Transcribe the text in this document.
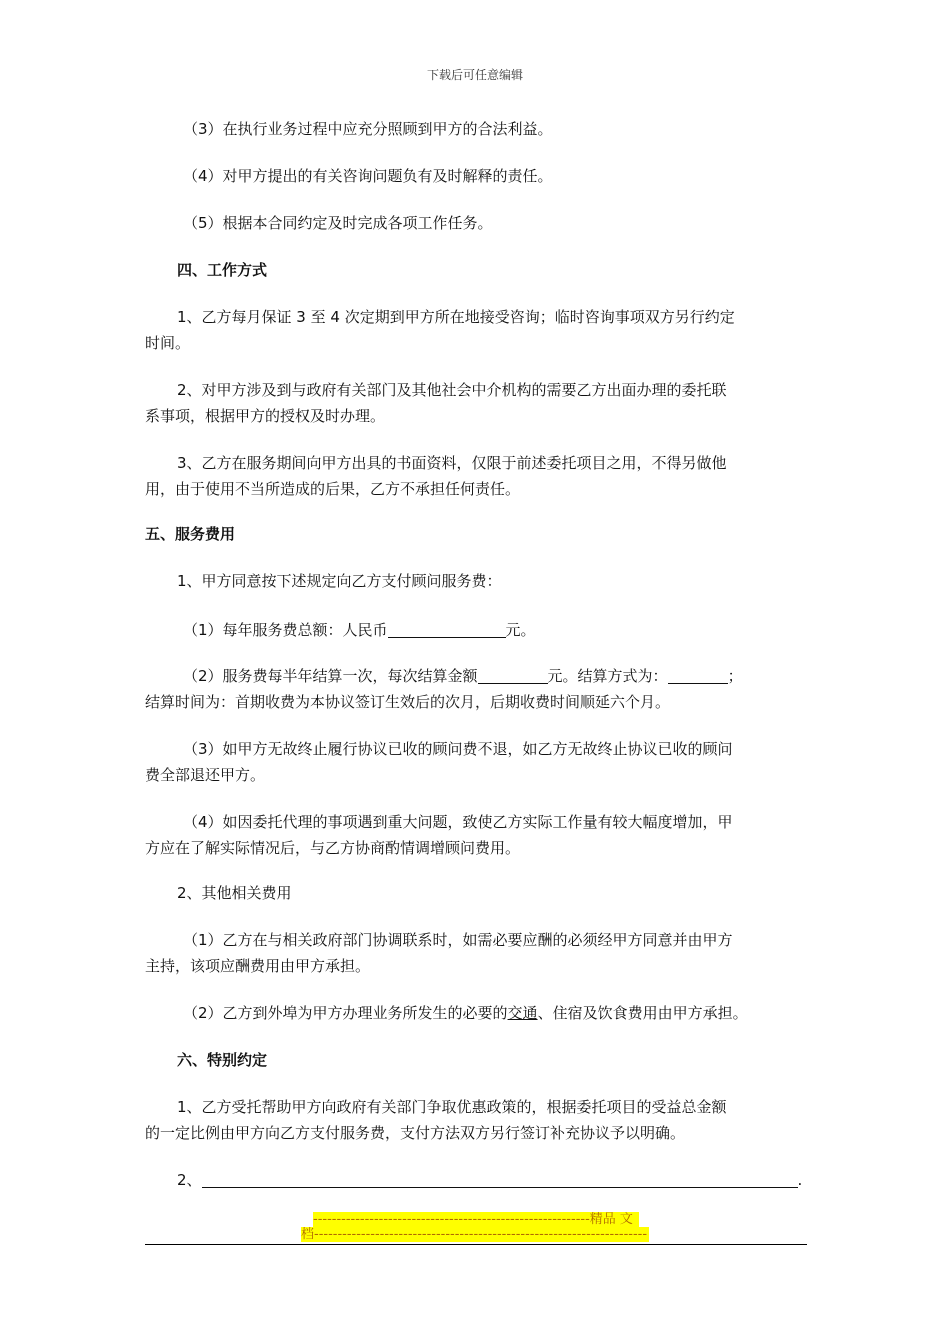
下载后可任意编辑
（3）在执行业务过程中应充分照顾到甲方的合法利益。
（4）对甲方提出的有关咨询问题负有及时解释的责任。
（5）根据本合同约定及时完成各项工作任务。
四、工作方式
1、乙方每月保证 3 至 4 次定期到甲方所在地接受咨询；临时咨询事项双方另行约定
时间。
2、对甲方涉及到与政府有关部门及其他社会中介机构的需要乙方出面办理的委托联
系事项，根据甲方的授权及时办理。
3、乙方在服务期间向甲方出具的书面资料，仅限于前述委托项目之用，不得另做他
用，由于使用不当所造成的后果，乙方不承担任何责任。
五、服务费用
1、甲方同意按下述规定向乙方支付顾问服务费：
（1）每年服务费总额：人民币	元。
（2）服务费每半年结算一次，每次结算金额	元。结算方式为：	；
结算时间为：首期收费为本协议签订生效后的次月，后期收费时间顺延六个月。
（3）如甲方无故终止履行协议已收的顾问费不退，如乙方无故终止协议已收的顾问
费全部退还甲方。
（4）如因委托代理的事项遇到重大问题，致使乙方实际工作量有较大幅度增加，甲
方应在了解实际情况后，与乙方协商酌情调增顾问费用。
2、其他相关费用
（1）乙方在与相关政府部门协调联系时，如需必要应酬的必须经甲方同意并由甲方
主持，该项应酬费用由甲方承担。
（2）乙方到外埠为甲方办理业务所发生的必要的交通、住宿及饮食费用由甲方承担。
六、特别约定
1、乙方受托帮助甲方向政府有关部门争取优惠政策的，根据委托项目的受益总金额
的一定比例由甲方向乙方支付服务费，支付方法双方另行签订补充协议予以明确。
2、	.
-----------------------------------------------------------精品 文
档-----------------------------------------------------------------------
